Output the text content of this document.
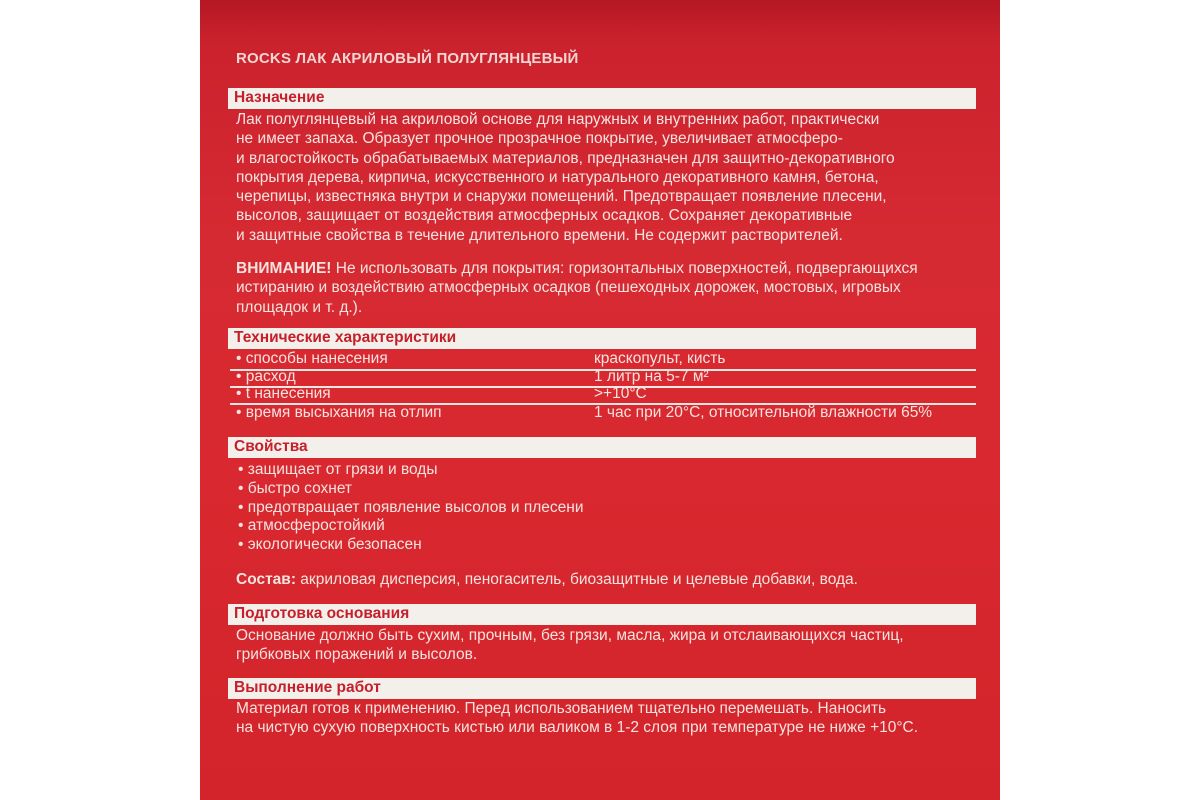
ROCKS ЛАК АКРИЛОВЫЙ ПОЛУГЛЯНЦЕВЫЙ
Назначение
Лак полуглянцевый на акриловой основе для наружных и внутренних работ, практически
не имеет запаха. Образует прочное прозрачное покрытие, увеличивает атмосферо-
и влагостойкость обрабатываемых материалов, предназначен для защитно-декоративного
покрытия дерева, кирпича, искусственного и натурального декоративного камня, бетона,
черепицы, известняка внутри и снаружи помещений. Предотвращает появление плесени,
высолов, защищает от воздействия атмосферных осадков. Сохраняет декоративные
и защитные свойства в течение длительного времени. Не содержит растворителей.
ВНИМАНИЕ! Не использовать для покрытия: горизонтальных поверхностей, подвергающихся
истиранию и воздействию атмосферных осадков (пешеходных дорожек, мостовых, игровых
площадок и т. д.).
Технические характеристики
• способы нанесения	краскопульт, кисть
• расход	1 литр на 5-7 м²
• t нанесения	>+10°C
• время высыхания на отлип	1 час при 20°C, относительной влажности 65%
Свойства
• защищает от грязи и воды
• быстро сохнет
• предотвращает появление высолов и плесени
• атмосферостойкий
• экологически безопасен
Состав: акриловая дисперсия, пеногаситель, биозащитные и целевые добавки, вода.
Подготовка основания
Основание должно быть сухим, прочным, без грязи, масла, жира и отслаивающихся частиц,
грибковых поражений и высолов.
Выполнение работ
Материал готов к применению. Перед использованием тщательно перемешать. Наносить
на чистую сухую поверхность кистью или валиком в 1-2 слоя при температуре не ниже +10°C.
